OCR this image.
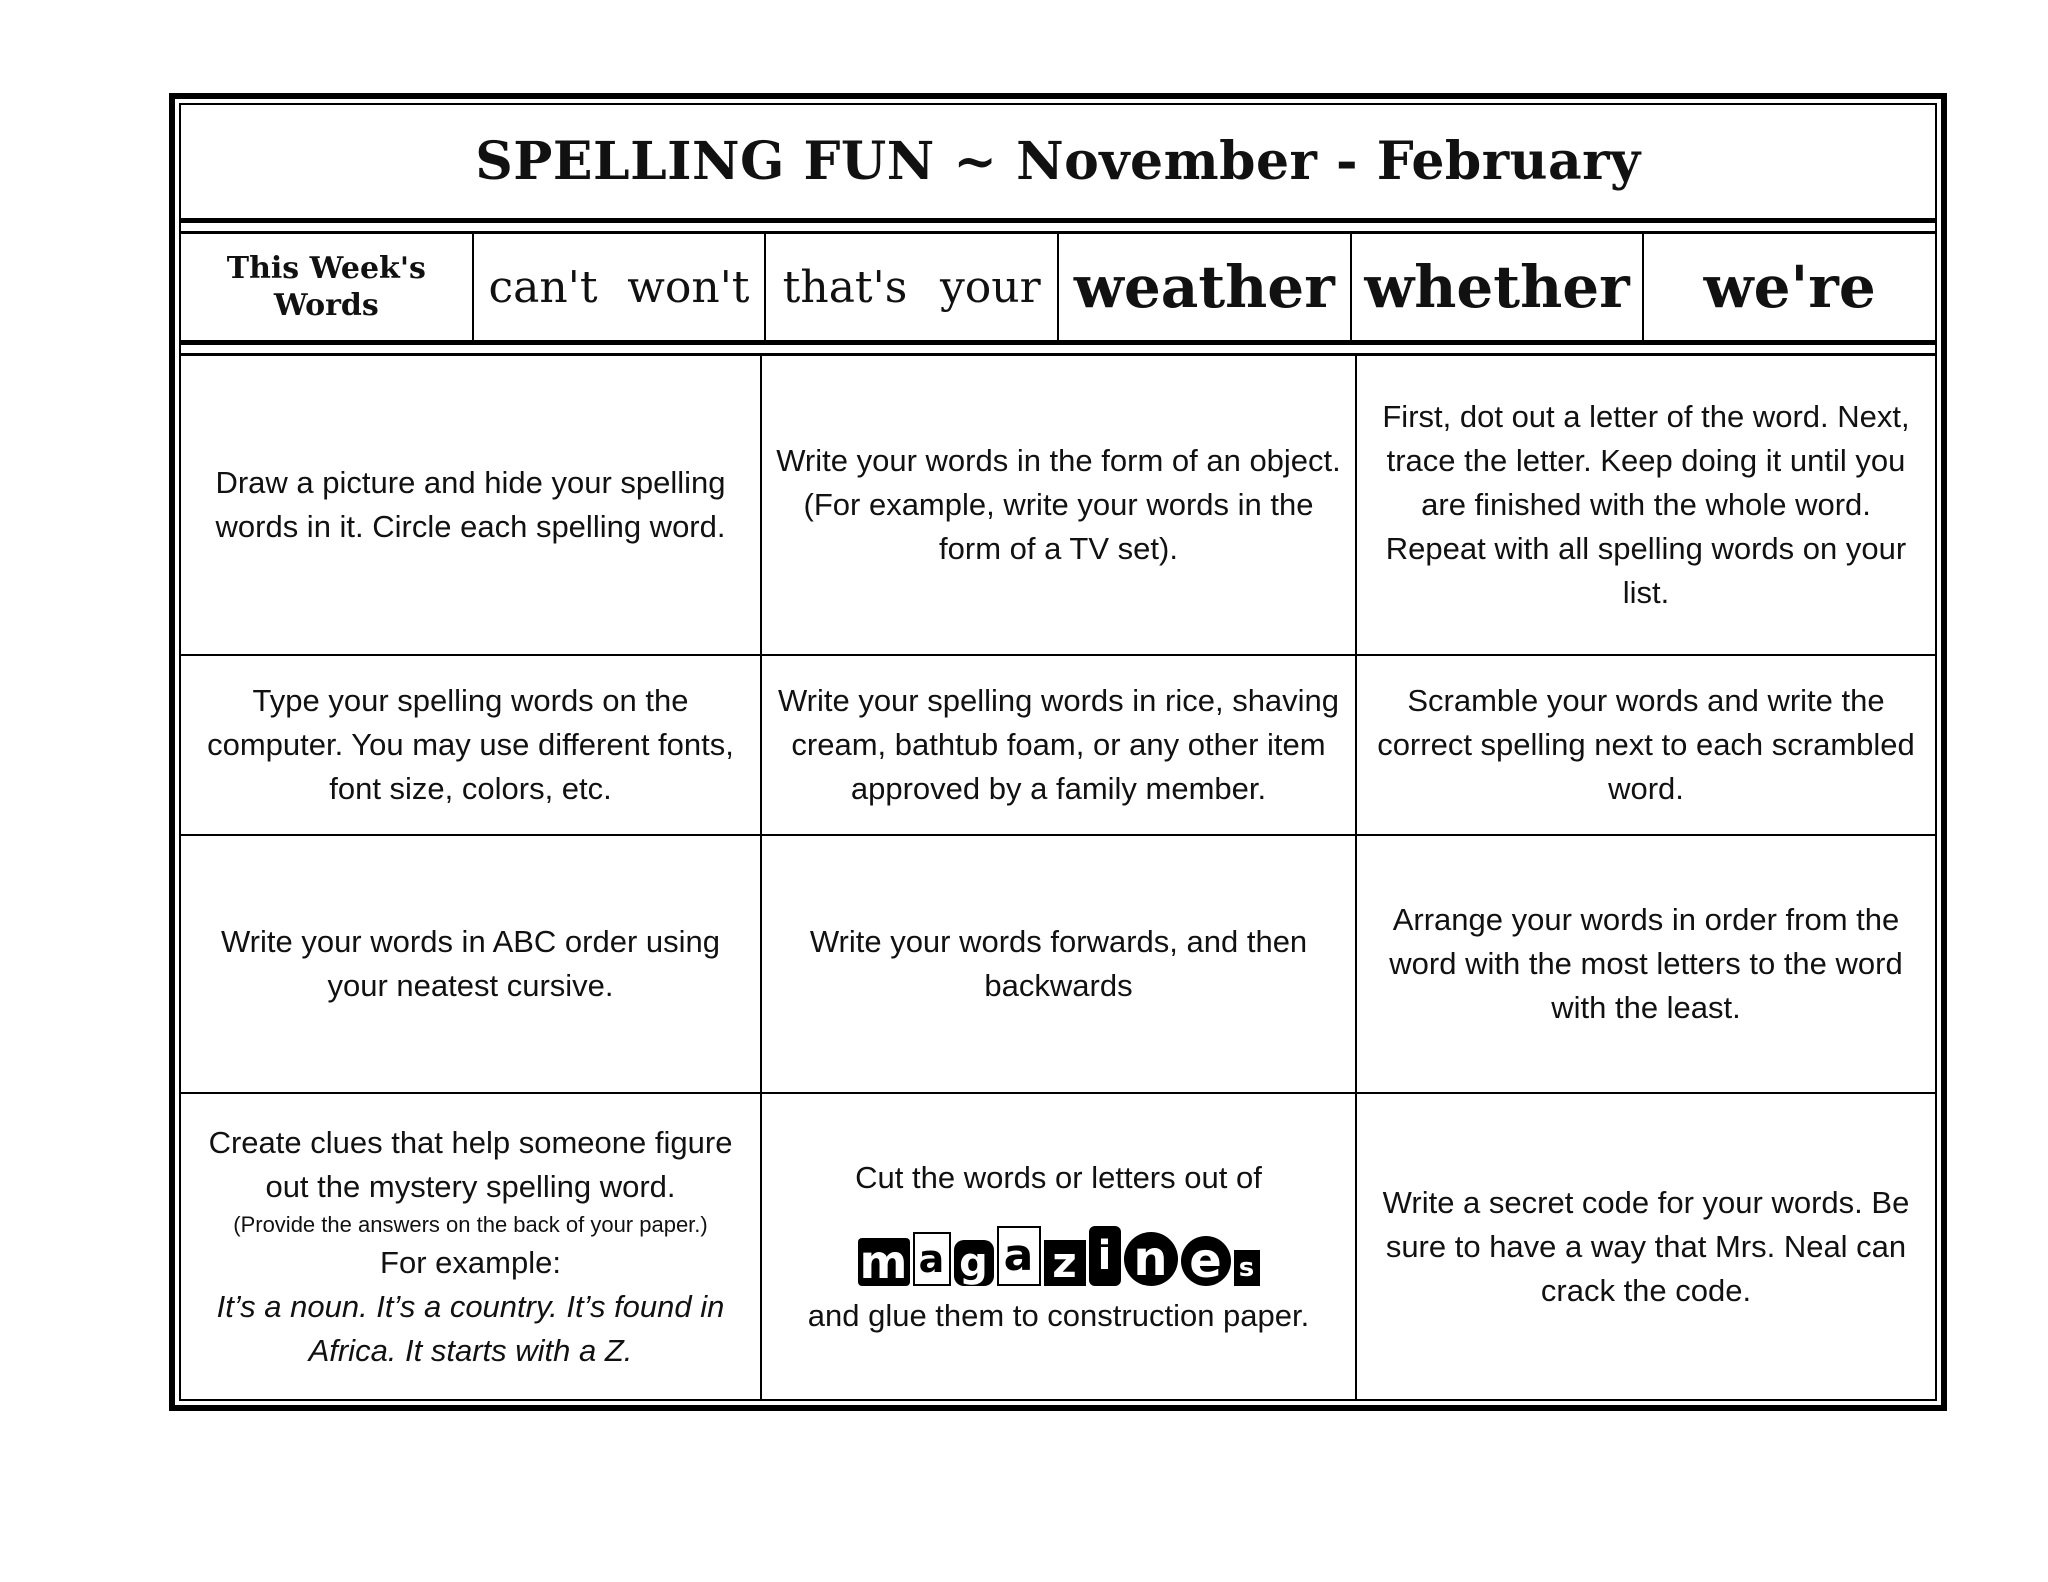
SPELLING FUN ~ November - February
This Week's
Words can't won't that's your weather whether we're
Draw a picture and hide your spelling words in it. Circle each spelling word.
Write your words in the form of an object.
(For example, write your words in the form of a TV set).
First, dot out a letter of the word. Next, trace the letter. Keep doing it until you are finished with the whole word.
Repeat with all spelling words on your list.
Type your spelling words on the computer. You may use different fonts, font size, colors, etc.
Write your spelling words in rice, shaving cream, bathtub foam, or any other item approved by a family member.
Scramble your words and write the correct spelling next to each scrambled word.
Write your words in ABC order using your neatest cursive.
Write your words forwards, and then backwards
Arrange your words in order from the word with the most letters to the word with the least.
Create clues that help someone figure out the mystery spelling word.
(Provide the answers on the back of your paper.)
For example:
It’s a noun. It’s a country. It’s found in Africa. It starts with a Z.
Cut the words or letters out of
m a g a z i n e s
and glue them to construction paper.
Write a secret code for your words. Be sure to have a way that Mrs. Neal can crack the code.
